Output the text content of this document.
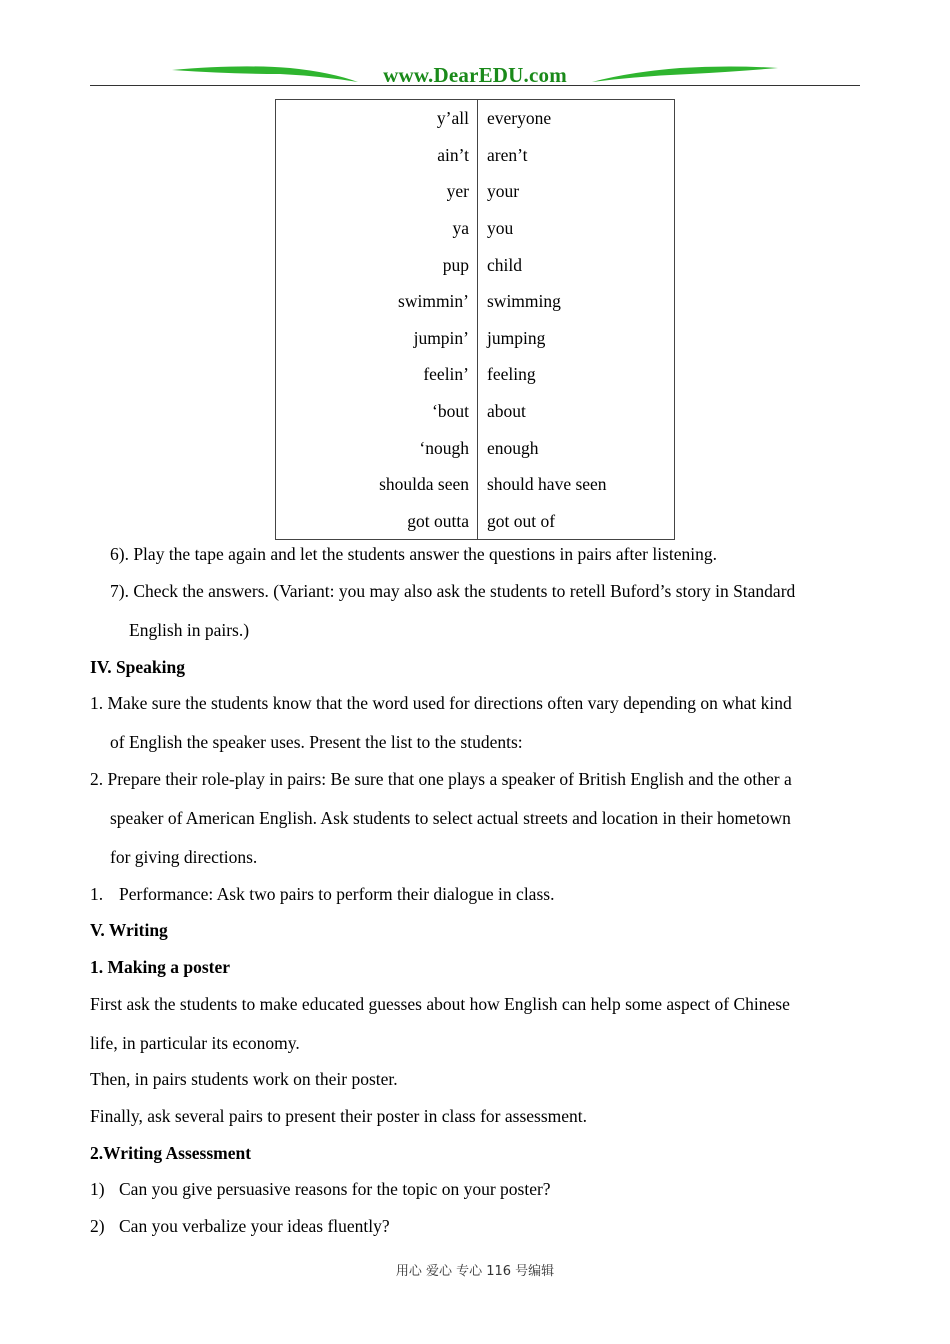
www.DearEDU.com
y’all	everyone
ain’t	aren’t
yer	your
ya	you
pup	child
swimmin’	swimming
jumpin’	jumping
feelin’	feeling
‘bout	about
‘nough	enough
shoulda seen	should have seen
got outta	got out of
6). Play the tape again and let the students answer the questions in pairs after listening.
7). Check the answers. (Variant: you may also ask the students to retell Buford’s story in Standard
English in pairs.)
IV. Speaking
1. Make sure the students know that the word used for directions often vary depending on what kind
of English the speaker uses. Present the list to the students:
2. Prepare their role-play in pairs: Be sure that one plays a speaker of British English and the other a
speaker of American English. Ask students to select actual streets and location in their hometown
for giving directions.
1. Performance: Ask two pairs to perform their dialogue in class.
V. Writing
1. Making a poster
First ask the students to make educated guesses about how English can help some aspect of Chinese
life, in particular its economy.
Then, in pairs students work on their poster.
Finally, ask several pairs to present their poster in class for assessment.
2.Writing Assessment
1) Can you give persuasive reasons for the topic on your poster?
2) Can you verbalize your ideas fluently?
用心 爱心 专心 116 号编辑
